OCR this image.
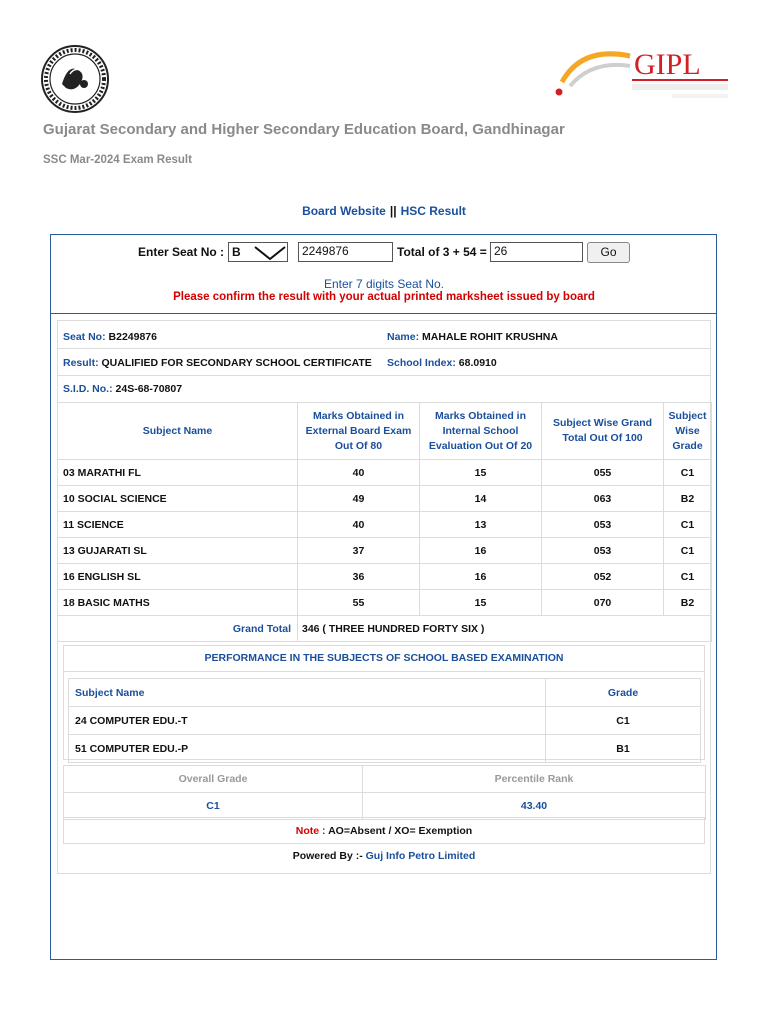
GIPL
Gujarat Secondary and Higher Secondary Education Board, Gandhinagar
SSC Mar-2024 Exam Result
Board Website || HSC Result
Enter Seat No : B	2249876	Total of 3 + 54 = 26	Go
Enter 7 digits Seat No.
Please confirm the result with your actual printed marksheet issued by board
Seat No: B2249876	Name: MAHALE ROHIT KRUSHNA
Result: QUALIFIED FOR SECONDARY SCHOOL CERTIFICATE School Index: 68.0910
S.I.D. No.: 24S-68-70807
Subject Name	Marks Obtained in External Board Exam Out Of 80	Marks Obtained in Internal School Evaluation Out Of 20	Subject Wise Grand Total Out Of 100	Subject Wise Grade
03 MARATHI FL	40	15	055	C1
10 SOCIAL SCIENCE	49	14	063	B2
11 SCIENCE	40	13	053	C1
13 GUJARATI SL	37	16	053	C1
16 ENGLISH SL	36	16	052	C1
18 BASIC MATHS	55	15	070	B2
Grand Total	346 ( THREE HUNDRED FORTY SIX )			
PERFORMANCE IN THE SUBJECTS OF SCHOOL BASED EXAMINATION
Subject Name	Grade
24 COMPUTER EDU.-T	C1
51 COMPUTER EDU.-P	B1
Overall Grade	Percentile Rank
C1	43.40
Note : AO=Absent / XO= Exemption
Powered By :- Guj Info Petro Limited
